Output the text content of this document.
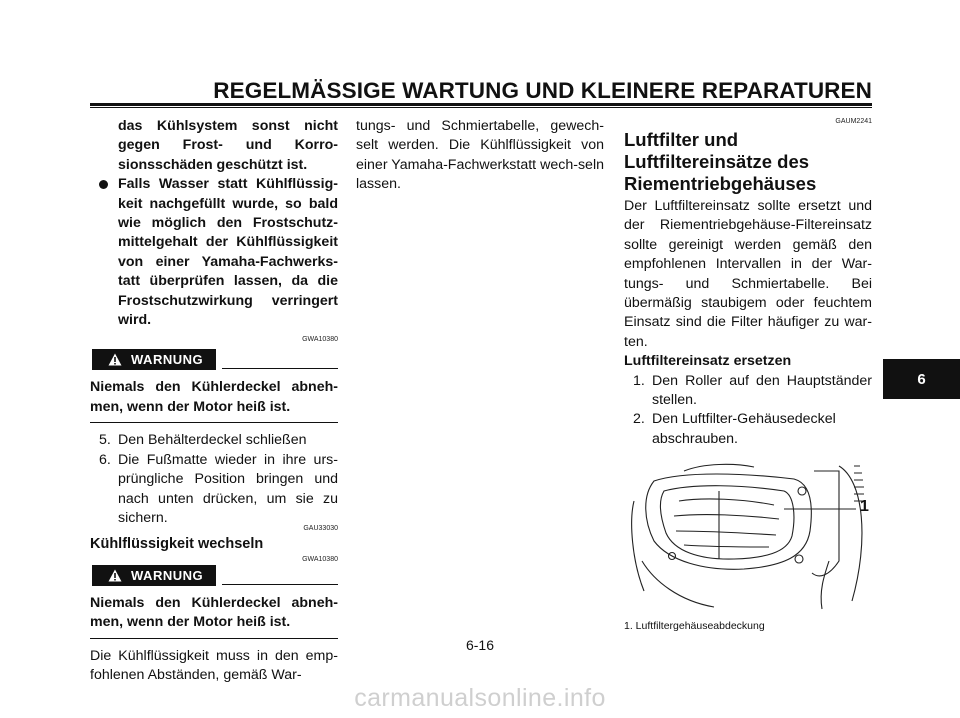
REGELMÄSSIGE WARTUNG UND KLEINERE REPARATUREN
das Kühlsystem sonst nicht
gegen Frost- und Korro-
sionsschäden geschützt ist.
Falls Wasser statt Kühlflüssig-keit nachgefüllt wurde, so bald wie möglich den Frostschutz-mittelgehalt der Kühlflüssigkeit von einer Yamaha-Fachwerks-tatt überprüfen lassen, da die Frostschutzwirkung verringert wird.
GWA10380
WARNUNG
Niemals den Kühlerdeckel abneh-men, wenn der Motor heiß ist.
5. Den Behälterdeckel schließen
6. Die Fußmatte wieder in ihre urs-prüngliche Position bringen und nach unten drücken, um sie zu sichern.
GAU33030
Kühlflüssigkeit wechseln
GWA10380
WARNUNG
Niemals den Kühlerdeckel abneh-men, wenn der Motor heiß ist.
Die Kühlflüssigkeit muss in den emp-fohlenen Abständen, gemäß War-
tungs- und Schmiertabelle, gewech-selt werden. Die Kühlflüssigkeit von einer Yamaha-Fachwerkstatt wech-seln lassen.
GAUM2241
Luftfilter und
Luftfiltereinsätze des
Riementriebgehäuses
Der Luftfiltereinsatz sollte ersetzt und der Riementriebgehäuse-Filtereinsatz sollte gereinigt werden gemäß den empfohlenen Intervallen in der War-tungs- und Schmiertabelle. Bei übermäßig staubigem oder feuchtem Einsatz sind die Filter häufiger zu war-ten.
Luftfiltereinsatz ersetzen
1. Den Roller auf den Hauptständer stellen.
2. Den Luftfilter-Gehäusedeckel abschrauben.
1
1. Luftfiltergehäuseabdeckung
6
6-16
carmanualsonline.info
